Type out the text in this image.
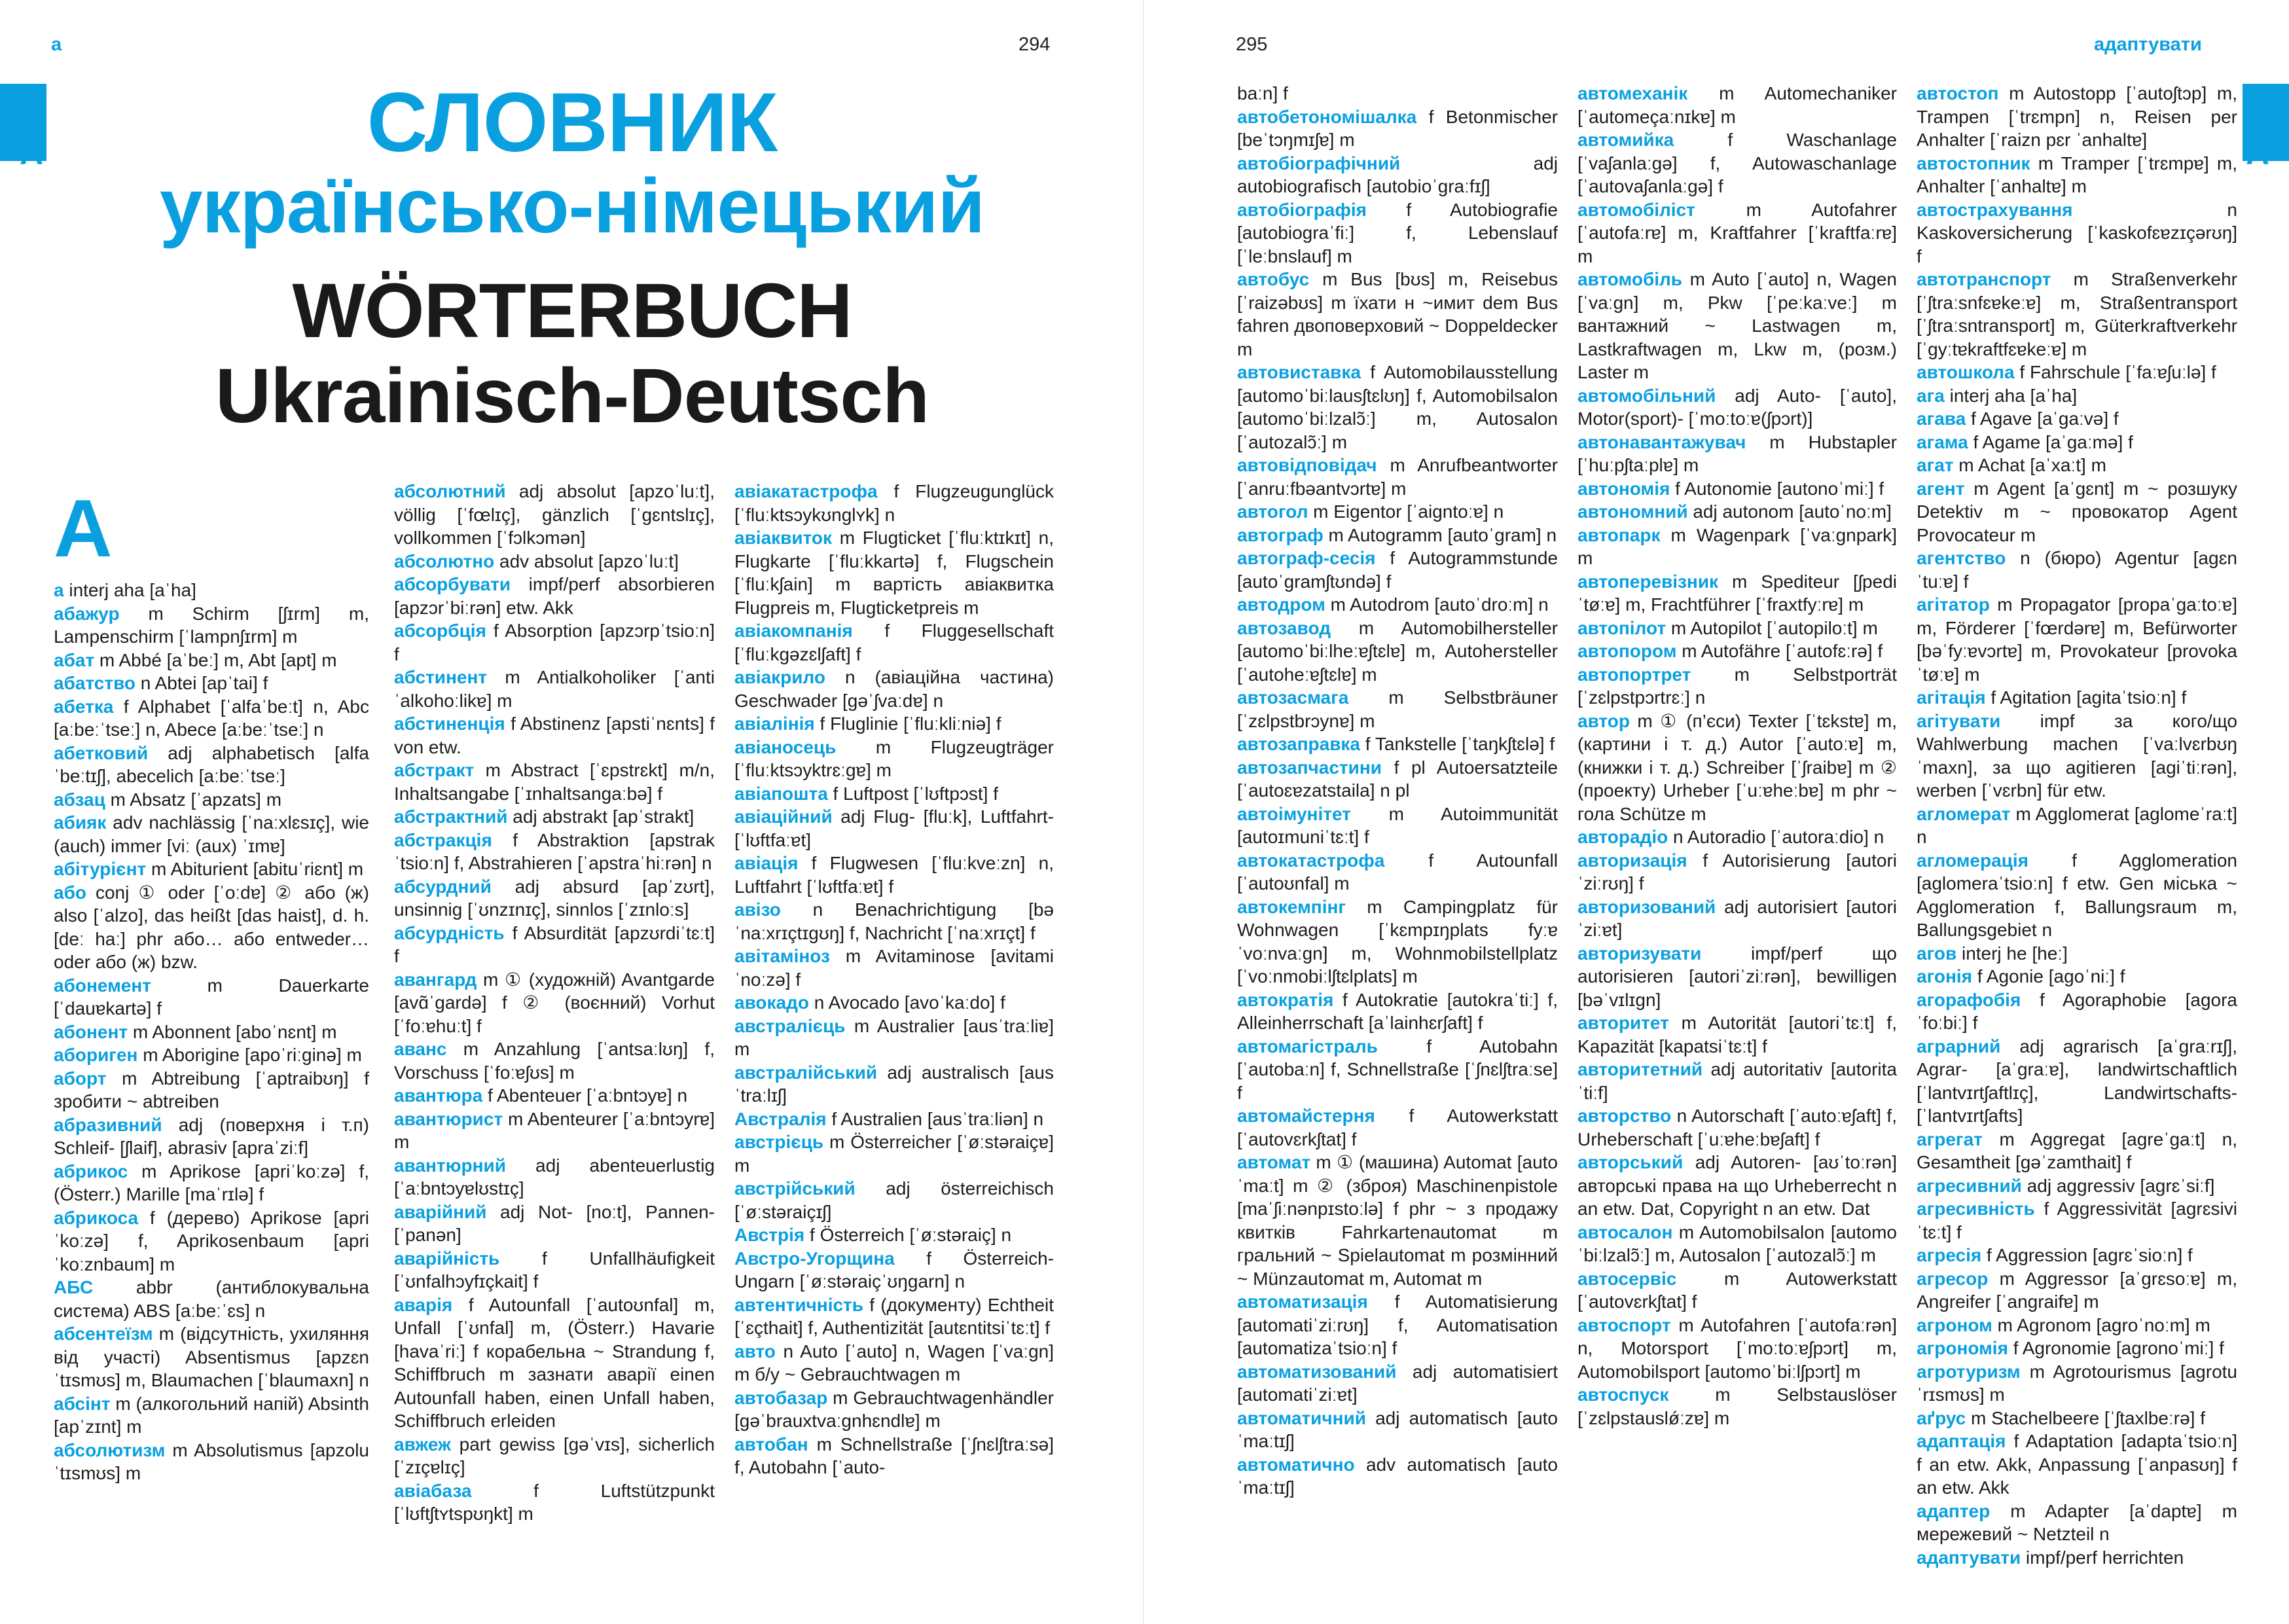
а	294
A	СЛОВНИК
українсько-німецький
WÖRTERBUCH
Ukrainisch-Deutsch
A
а interj aha [aˈha]
абажур m Schirm [ʃɪrm] m, Lampenschirm [ˈlampnʃɪrm] m
абат m Abbé [aˈbeː] m, Abt [apt] m
абатство n Abtei [apˈtai] f
абетка f Alphabet [ˈalfaˈbeːt] n, Abc [aːbeːˈtseː] n, Abece [aːbeːˈtseː] n
абетковий adj alphabetisch [alfaˈbeːtɪʃ], abecelich [aːbeːˈtseː]
абзац m Absatz [ˈapzats] m
абияк adv nachlässig [ˈnaːxlɛsɪç], wie (auch) immer [viː (aux) ˈɪmɐ]
абітурієнт m Abiturient [abituˈriɛnt] m
або conj ① oder [ˈoːdɐ] ② або (ж) also [ˈalzo], das heißt [das haist], d. h. [deː haː] phr або… або entweder… oder або (ж) bzw.
абонемент m Dauerkarte [ˈdauɐkartə] f
абонент m Abonnent [aboˈnɛnt] m
абориген m Aborigine [apoˈriːginə] m
аборт m Abtreibung [ˈaptraibʊŋ] f зробити ~ abtreiben
абразивний adj (поверхня і т.п) Schleif- [ʃlaif], abrasiv [apraˈziːf]
абрикос m Aprikose [apriˈkoːzə] f, (Österr.) Marille [maˈrɪlə] f
абрикоса f (дерево) Aprikose [apriˈkoːzə] f, Aprikosenbaum [apriˈkoːznbaum] m
АБС abbr (антиблокувальна система) ABS [aːbeːˈɛs] n
абсентеїзм m (відсутність, ухиляння від участі) Absentismus [apzɛnˈtɪsmʊs] m, Blaumachen [ˈblaumaxn] n
абсінт m (алкогольний напій) Absinth [apˈzɪnt] m
абсолютизм m Absolutismus [apzoluˈtɪsmʊs] m
абсолютний adj absolut [apzoˈluːt], völlig [ˈfœlɪç], gänzlich [ˈgɛntslɪç], vollkommen [ˈfɔlkɔmən]
абсолютно adv absolut [apzoˈluːt]
абсорбувати impf/perf absorbieren [apzɔrˈbiːrən] etw. Akk
абсорбція f Absorption [apzɔrpˈtsioːn] f
абстинент m Antialkoholiker [ˈantiˈalkohoːlikɐ] m
абстиненція f Abstinenz [apstiˈnɛnts] f von etw.
абстракт m Abstract [ˈɛpstrɛkt] m/n, Inhaltsangabe [ˈɪnhaltsangaːbə] f
абстрактний adj abstrakt [apˈstrakt]
абстракція f Abstraktion [apstrakˈtsioːn] f, Abstrahieren [ˈapstraˈhiːrən] n
абсурдний adj absurd [apˈzʊrt], unsinnig [ˈʊnzɪnɪç], sinnlos [ˈzɪnloːs]
абсурдність f Absurdität [apzʊrdiˈtɛːt] f
авангард m ① (художній) Avantgarde [avɑ̃ˈgardə] f ② (воєнний) Vorhut [ˈfoːɐhuːt] f
аванс m Anzahlung [ˈantsaːlʊŋ] f, Vorschuss [ˈfoːɐʃʊs] m
авантюра f Abenteuer [ˈaːbntɔyɐ] n
авантюрист m Abenteurer [ˈaːbntɔyrɐ] m
авантюрний adj abenteuerlustig [ˈaːbntɔyɐlʊstɪç]
аварійний adj Not- [noːt], Pannen- [ˈpanən]
аварійність f Unfallhäufigkeit [ˈʊnfalhɔyfɪçkait] f
аварія f Autounfall [ˈautoʊnfal] m, Unfall [ˈʊnfal] m, (Österr.) Havarie [havaˈriː] f корабельна ~ Strandung f, Schiffbruch m зазнати аварії einen Autounfall haben, einen Unfall haben, Schiffbruch erleiden
авжеж part gewiss [gəˈvɪs], sicherlich [ˈzɪçɐlɪç]
авіабаза f Luftstützpunkt [ˈlʊftʃtʏtspʊŋkt] m
авіакатастрофа f Flugzeugunglück [ˈfluːktsɔykʊnglʏk] n
авіаквиток m Flugticket [ˈfluːktɪkɪt] n, Flugkarte [ˈfluːkkartə] f, Flugschein [ˈfluːkʃain] m вартість авіаквитка Flugpreis m, Flugticketpreis m
авіакомпанія f Fluggesellschaft [ˈfluːkgəzɛlʃaft] f
авіакрило n (авіаційна частина) Geschwader [gəˈʃvaːdɐ] n
авіалінія f Fluglinie [ˈfluːkliːniə] f
авіаносець m Flugzeugträger [ˈfluːktsɔyktrɛːgɐ] m
авіапошта f Luftpost [ˈlʊftpɔst] f
авіаційний adj Flug- [fluːk], Luftfahrt- [ˈlʊftfaːɐt]
авіація f Flugwesen [ˈfluːkveːzn] n, Luftfahrt [ˈlʊftfaːɐt] f
авізо n Benachrichtigung [bəˈnaːxrɪçtɪgʊŋ] f, Nachricht [ˈnaːxrɪçt] f
авітаміноз m Avitaminose [avitamiˈnoːzə] f
авокадо n Avocado [avoˈkaːdo] f
австралієць m Australier [ausˈtraːliɐ] m
австралійський adj australisch [ausˈtraːlɪʃ]
Австралія f Australien [ausˈtraːliən] n
австрієць m Österreicher [ˈøːstəraiçɐ] m
австрійський adj österreichisch [ˈøːstəraiçɪʃ]
Австрія f Österreich [ˈøːstəraiç] n
Австро-Угорщина f Österreich-Ungarn [ˈøːstəraiçˈʊŋgarn] n
автентичність f (документу) Echtheit [ˈɛçthait] f, Authentizität [autɛntitsiˈtɛːt] f
авто n Auto [ˈauto] n, Wagen [ˈvaːgn] m б/у ~ Gebrauchtwagen m
автобазар m Gebrauchtwagenhändler [gəˈbrauxtvaːgnhɛndlɐ] m
автобан m Schnellstraße [ˈʃnɛlʃtraːsə] f, Autobahn [ˈauto-
295	адаптувати
A
baːn] f
автобетономішалка f Betonmischer [beˈtɔŋmɪʃɐ] m
автобіографічний adj autobiografisch [autobioˈgraːfɪʃ]
автобіографія f Autobiografie [autobiograˈfiː] f, Lebenslauf [ˈleːbnslauf] m
автобус m Bus [bʊs] m, Reisebus [ˈraizəbʊs] m їхати н ~имит dem Bus fahren двоповерховий ~ Doppeldecker m
автовиставка f Automobilausstellung [automoˈbiːlausʃtɛlʊŋ] f, Automobilsalon [automoˈbiːlzalɔ̃ː] m, Autosalon [ˈautozalɔ̃ː] m
автовідповідач m Anrufbeantworter [ˈanruːfbəantvɔrtɐ] m
автогол m Eigentor [ˈaigntoːɐ] n
автограф m Autogramm [autoˈgram] n
автограф-сесія f Autogrammstunde [autoˈgramʃtʊndə] f
автодром m Autodrom [autoˈdroːm] n
автозавод m Automobilhersteller [automoˈbiːlheːɐʃtɛlɐ] m, Autohersteller [ˈautoheːɐʃtɛlɐ] m
автозасмага m Selbstbräuner [ˈzɛlpstbrɔynɐ] m
автозаправка f Tankstelle [ˈtaŋkʃtɛlə] f
автозапчастини f pl Autoersatzteile [ˈautoɛɐzatstaila] n pl
автоімунітет m Autoimmunität [autoɪmuniˈtɛːt] f
автокатастрофа f Autounfall [ˈautoʊnfal] m
автокемпінг m Campingplatz für Wohnwagen [ˈkɛmpɪŋplats fyːɐ ˈvoːnvaːgn] m, Wohnmobilstellplatz [ˈvoːnmobiːlʃtɛlplats] m
автократія f Autokratie [autokraˈtiː] f, Alleinherrschaft [aˈlainhɛrʃaft] f
автомагістраль f Autobahn [ˈautobaːn] f, Schnellstraße [ˈʃnɛlʃtraːse] f
автомайстерня f Autowerkstatt [ˈautovɛrkʃtat] f
автомат m ① (машина) Automat [autoˈmaːt] m ② (зброя) Maschinenpistole [maˈʃiːnənpɪstoːlə] f phr ~ з продажу квитків Fahrkartenautomat m гральний ~ Spielautomat m розмінний ~ Münzautomat m, Automat m
автоматизація f Automatisierung [automatiˈziːrʊŋ] f, Automatisation [automatizaˈtsioːn] f
автоматизований adj automatisiert [automatiˈziːɐt]
автоматичний adj automatisch [autoˈmaːtɪʃ]
автоматично adv automatisch [autoˈmaːtɪʃ]
автомеханік m Automechaniker [ˈautomeçaːnɪkɐ] m
автомийка f Waschanlage [ˈvaʃanlaːgə] f, Autowaschanlage [ˈautovaʃanlaːgə] f
автомобіліст m Autofahrer [ˈautofaːrɐ] m, Kraftfahrer [ˈkraftfaːrɐ] m
автомобіль m Auto [ˈauto] n, Wagen [ˈvaːgn] m, Pkw [ˈpeːkaːveː] m вантажний ~ Lastwagen m, Lastkraftwagen m, Lkw m, (розм.) Laster m
автомобільний adj Auto- [ˈauto], Motor(sport)- [ˈmoːtoːɐ(ʃpɔrt)]
автонавантажувач m Hubstapler [ˈhuːpʃtaːplɐ] m
автономія f Autonomie [autonoˈmiː] f
автономний adj autonom [autoˈnoːm]
автопарк m Wagenpark [ˈvaːgnpark] m
автоперевізник m Spediteur [ʃpediˈtøːɐ] m, Frachtführer [ˈfraxtfyːrɐ] m
автопілот m Autopilot [ˈautopiloːt] m
автопором m Autofähre [ˈautofɛːrə] f
автопортрет m Selbstporträt [ˈzɛlpstpɔrtrɛː] n
автор m ① (п’єси) Texter [ˈtɛkstɐ] m, (картини і т. д.) Autor [ˈautoːɐ] m, (книжки і т. д.) Schreiber [ˈʃraibɐ] m ② (проекту) Urheber [ˈuːɐheːbɐ] m phr ~ гола Schütze m
авторадіо n Autoradio [ˈautoraːdio] n
авторизація f Autorisierung [autoriˈziːrʊŋ] f
авторизований adj autorisiert [autoriˈziːɐt]
авторизувати impf/perf що autorisieren [autoriˈziːrən], bewilligen [bəˈvɪlɪgn]
авторитет m Autorität [autoriˈtɛːt] f, Kapazität [kapatsiˈtɛːt] f
авторитетний adj autoritativ [autoritaˈtiːf]
авторство n Autorschaft [ˈautoːɐʃaft] f, Urheberschaft [ˈuːɐheːbɐʃaft] f
авторський adj Autoren- [aʊˈtoːrən] авторські права на що Urheberrecht n an etw. Dat, Copyright n an etw. Dat
автосалон m Automobilsalon [automoˈbiːlzalɔ̃ː] m, Autosalon [ˈautozalɔ̃ː] m
автосервіс m Autowerkstatt [ˈautovɛrkʃtat] f
автоспорт m Autofahren [ˈautofaːrən] n, Motorsport [ˈmoːtoːɐʃpɔrt] m, Automobilsport [automoˈbiːlʃpɔrt] m
автоспуск m Selbstauslöser [ˈzɛlpstauslǿːzɐ] m
автостоп m Autostopp [ˈautoʃtɔp] m, Trampen [ˈtrɛmpn] n, Reisen per Anhalter [ˈraizn pɛr ˈanhaltɐ]
автостопник m Tramper [ˈtrɛmpɐ] m, Anhalter [ˈanhaltɐ] m
автострахування n Kaskoversicherung [ˈkaskofɛɐzɪçərʊŋ] f
автотранспорт m Straßenverkehr [ˈʃtraːsnfɛɐkeːɐ] m, Straßentransport [ˈʃtraːsntransport] m, Güterkraftverkehr [ˈgyːtɐkraftfɛɐkeːɐ] m
автошкола f Fahrschule [ˈfaːɐʃuːlə] f
ага interj aha [aˈha]
агава f Agave [aˈgaːvə] f
агама f Agame [aˈgaːmə] f
агат m Achat [aˈxaːt] m
агент m Agent [aˈgɛnt] m ~ розшуку Detektiv m ~ провокатор Agent Provocateur m
агентство n (бюро) Agentur [agɛnˈtuːɐ] f
агітатор m Propagator [propaˈgaːtoːɐ] m, Förderer [ˈfœrdərɐ] m, Befürworter [bəˈfyːɐvɔrtɐ] m, Provokateur [provokaˈtøːɐ] m
агітація f Agitation [agitaˈtsioːn] f
агітувати impf за кого/що Wahlwerbung machen [ˈvaːlvɛrbʊŋ ˈmaxn], за що agitieren [agiˈtiːrən], werben [ˈvɛrbn] für etw.
агломерат m Agglomerat [aglomeˈraːt] n
агломерація f Agglomeration [aglomeraˈtsioːn] f etw. Gen міська ~ Agglomeration f, Ballungsraum m, Ballungsgebiet n
агов interj he [heː]
агонія f Agonie [agoˈniː] f
агорафобія f Agoraphobie [agoraˈfoːbiː] f
аграрний adj agrarisch [aˈgraːrɪʃ], Agrar- [aˈgraːɐ], landwirtschaftlich [ˈlantvɪrtʃaftlɪç], Landwirtschafts- [ˈlantvɪrtʃafts]
агрегат m Aggregat [agreˈgaːt] n, Gesamtheit [gəˈzamthait] f
агресивний adj aggressiv [agrɛˈsiːf]
агресивність f Aggressivität [agrɛsiviˈtɛːt] f
агресія f Aggression [agrɛˈsioːn] f
агресор m Aggressor [aˈgrɛsoːɐ] m, Angreifer [ˈangraifɐ] m
агроном m Agronom [agroˈnoːm] m
агрономія f Agronomie [agronoˈmiː] f
агротуризм m Agrotourismus [agrotuˈrɪsmʊs] m
аґрус m Stachelbeere [ˈʃtaxlbeːrə] f
адаптація f Adaptation [adaptaˈtsioːn] f an etw. Akk, Anpassung [ˈanpasʊŋ] f an etw. Akk
адаптер m Adapter [aˈdaptɐ] m мережевий ~ Netzteil n
адаптувати impf/perf herrichten
